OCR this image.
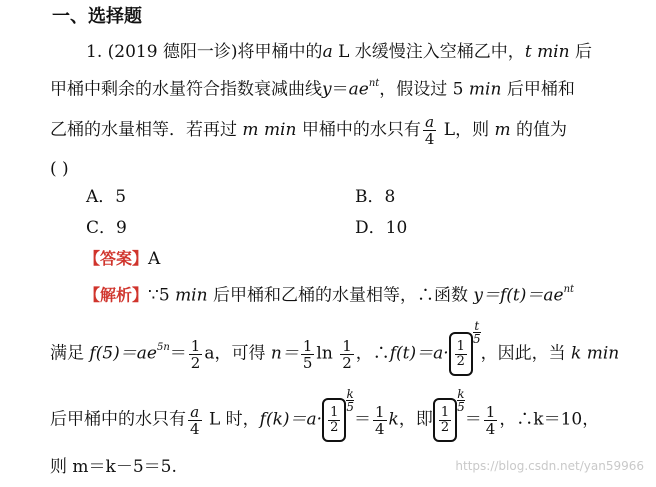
一、选择题
1. (2019 德阳一诊)将甲桶中的a L 水缓慢注入空桶乙中，t min 后
甲桶中剩余的水量符合指数衰减曲线$y=ae^{nt}$，假设过 5 min 后甲桶和
乙桶的水量相等．若再过 m min 甲桶中的水只有 $\frac{a}{4}$ L，则 m 的值为
( )
A．5	B．8
C．9	D．10
【答案】A
【解析】∵5 min 后甲桶和乙桶的水量相等，∴函数 $y=f(t)=ae^{nt}$
满足 $f(5)=ae^{5n}= \frac{1}{2}$ a，可得 $n= \frac{1}{5}$ $\ln \frac{1}{2}$ ，∴f(t)＝a· $\frac{1}{2}$
$\frac{t}{5}$
，因此，当 k min
后甲桶中的水只有 $\frac{a}{4}$ L 时，$f(k)=a\cdot \frac{1}{2}$
$\frac{k}{5}$
＝ $\frac{1}{4}$ k，即 $\frac{1}{2}$
$\frac{k}{5}$
＝ $\frac{1}{4}$ ，∴k＝10，
则 m＝k－5＝5.	https://blog.csdn.net/yan59966
